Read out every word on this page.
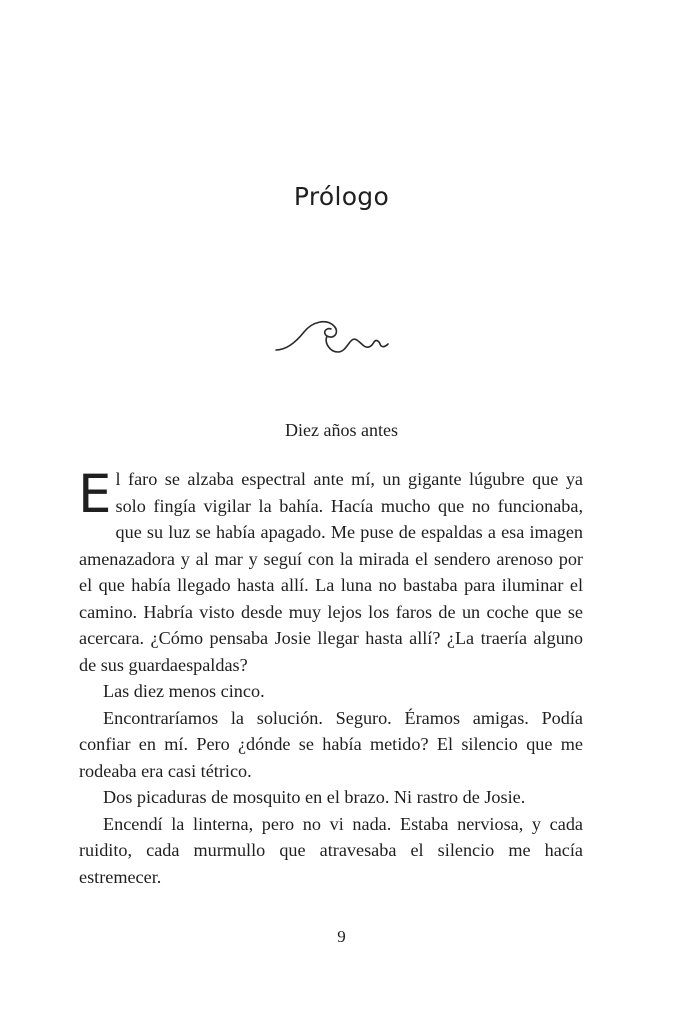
Prólogo
Diez años antes

El faro se alzaba espectral ante mí, un gigante lúgubre que ya solo fingía vigilar la bahía. Hacía mucho que no funcionaba, que su luz se había apagado. Me puse de espaldas a esa imagen amenazadora y al mar y seguí con la mirada el sendero arenoso por el que había llegado hasta allí. La luna no bastaba para iluminar el camino. Habría visto desde muy lejos los faros de un coche que se acercara. ¿Cómo pensaba Josie llegar hasta allí? ¿La traería alguno de sus guardaespaldas?

Las diez menos cinco.

Encontraríamos la solución. Seguro. Éramos amigas. Podía confiar en mí. Pero ¿dónde se había metido? El silencio que me rodeaba era casi tétrico.

Dos picaduras de mosquito en el brazo. Ni rastro de Josie.

Encendí la linterna, pero no vi nada. Estaba nerviosa, y cada ruidito, cada murmullo que atravesaba el silencio me hacía estremecer.

9
